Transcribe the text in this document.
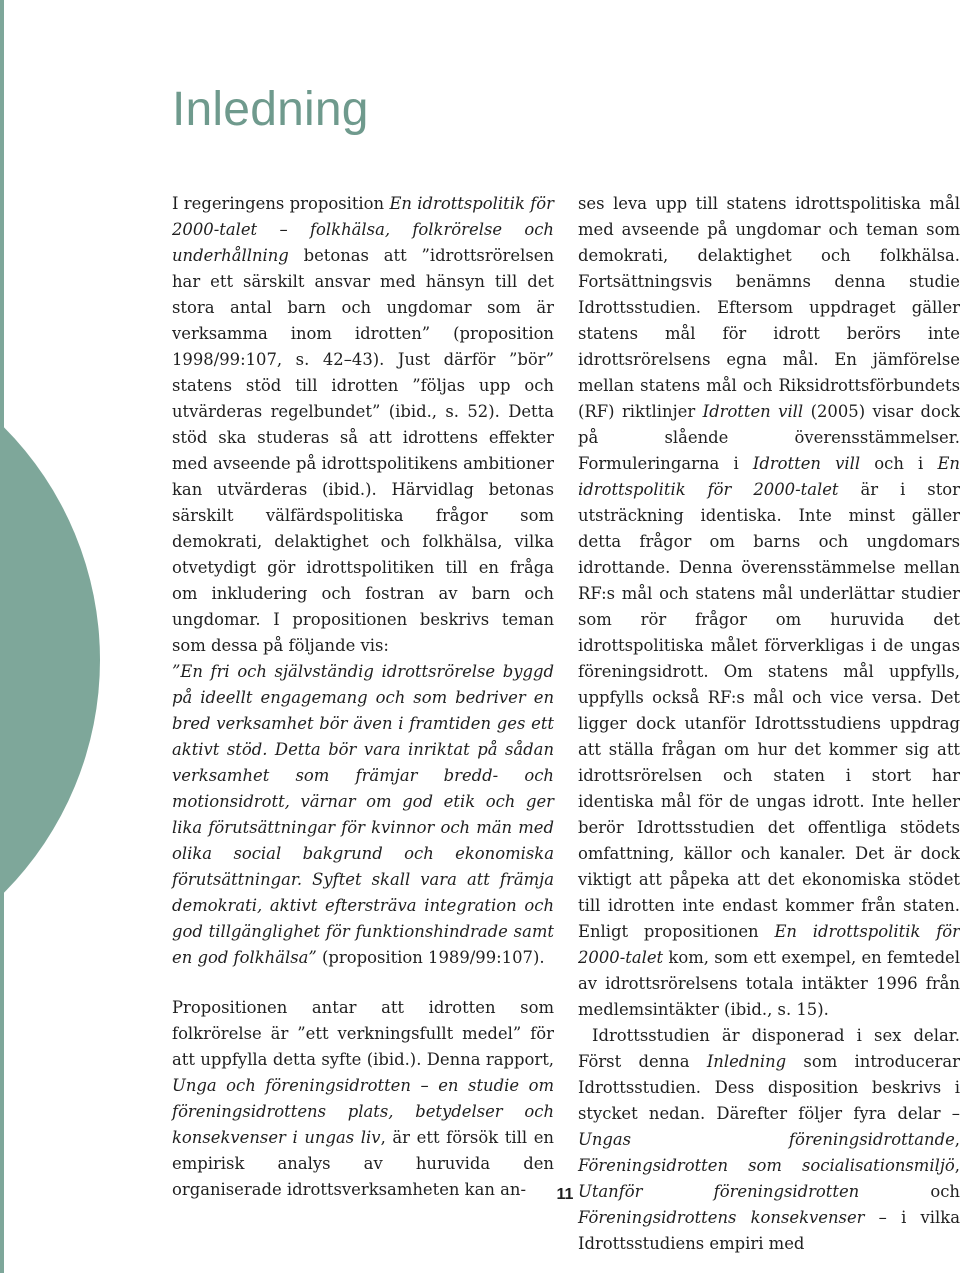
Inledning

I regeringens proposition En idrottspolitik för 2000-talet – folkhälsa, folkrörelse och underhållning betonas att ”idrottsrörelsen har ett särskilt ansvar med hänsyn till det stora antal barn och ungdomar som är verksamma inom idrotten” (proposition 1998/99:107, s. 42–43). Just därför ”bör” statens stöd till idrotten ”följas upp och utvärderas regelbundet” (ibid., s. 52). Detta stöd ska studeras så att idrottens effekter med avseende på idrottspolitikens ambitioner kan utvärderas (ibid.). Härvidlag betonas särskilt välfärdspolitiska frågor som demokrati, delaktighet och folkhälsa, vilka otvetydigt gör idrottspolitiken till en fråga om inkludering och fostran av barn och ungdomar. I propositionen beskrivs teman som dessa på följande vis:

”En fri och självständig idrottsrörelse byggd på ideellt engagemang och som bedriver en bred verksamhet bör även i framtiden ges ett aktivt stöd. Detta bör vara inriktat på sådan verksamhet som främjar bredd- och motionsidrott, värnar om god etik och ger lika förutsättningar för kvinnor och män med olika social bakgrund och ekonomiska förutsättningar. Syftet skall vara att främja demokrati, aktivt eftersträva integration och god tillgänglighet för funktionshindrade samt en god folkhälsa” (proposition 1989/99:107).

Propositionen antar att idrotten som folkrörelse är ”ett verkningsfullt medel” för att uppfylla detta syfte (ibid.). Denna rapport, Unga och föreningsidrotten – en studie om föreningsidrottens plats, betydelser och konsekvenser i ungas liv, är ett försök till en empirisk analys av huruvida den organiserade idrottsverksamheten kan an-

ses leva upp till statens idrottspolitiska mål med avseende på ungdomar och teman som demokrati, delaktighet och folkhälsa. Fortsättningsvis benämns denna studie Idrottsstudien. Eftersom uppdraget gäller statens mål för idrott berörs inte idrottsrörelsens egna mål. En jämförelse mellan statens mål och Riksidrottsförbundets (RF) riktlinjer Idrotten vill (2005) visar dock på slående överensstämmelser. Formuleringarna i Idrotten vill och i En idrottspolitik för 2000-talet är i stor utsträckning identiska. Inte minst gäller detta frågor om barns och ungdomars idrottande. Denna överensstämmelse mellan RF:s mål och statens mål underlättar studier som rör frågor om huruvida det idrottspolitiska målet förverkligas i de ungas föreningsidrott. Om statens mål uppfylls, uppfylls också RF:s mål och vice versa. Det ligger dock utanför Idrottsstudiens uppdrag att ställa frågan om hur det kommer sig att idrottsrörelsen och staten i stort har identiska mål för de ungas idrott. Inte heller berör Idrottsstudien det offentliga stödets omfattning, källor och kanaler. Det är dock viktigt att påpeka att det ekonomiska stödet till idrotten inte endast kommer från staten. Enligt propositionen En idrottspolitik för 2000-talet kom, som ett exempel, en femtedel av idrottsrörelsens totala intäkter 1996 från medlemsintäkter (ibid., s. 15).

Idrottsstudien är disponerad i sex delar. Först denna Inledning som introducerar Idrottsstudien. Dess disposition beskrivs i stycket nedan. Därefter följer fyra delar – Ungas föreningsidrottande, Föreningsidrotten som socialisationsmiljö, Utanför föreningsidrotten och Föreningsidrottens konsekvenser – i vilka Idrottsstudiens empiri med

11
